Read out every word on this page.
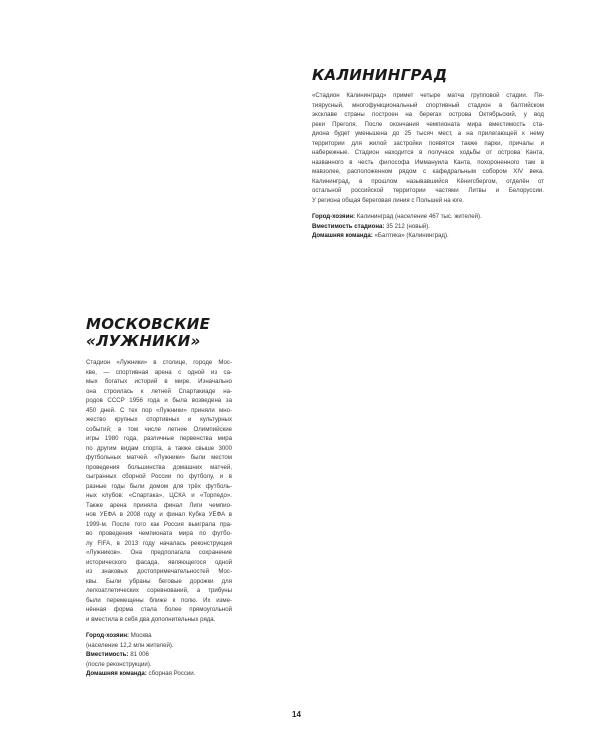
КАЛИНИНГРАД
«Стадион Калининград» примет четыре матча групповой стадии. Пя-
тиярусный, многофункциональный спортивный стадион в балтийском
эксклаве страны построен на берегах острова Октябрьский, у вод
реки Преголя. После окончания чемпионата мира вместимость ста-
диона будет уменьшена до 25 тысяч мест, а на прилегающей к нему
территории для жилой застройки появятся также парки, причалы и
набережные. Стадион находится в получасе ходьбы от острова Канта,
названного в честь философа Иммануила Канта, похороненного там в
мавзолее, расположенном рядом с кафедральным собором XIV века.
Калининград, в прошлом называвшийся Кёнигсбергом, отделён от
остальной российской территории частями Литвы и Белоруссии.
У региона общая береговая линия с Польшей на юге.
Город-хозяин: Калининград (население 467 тыс. жителей).
Вместимость стадиона: 35 212 (новый).
Домашняя команда: «Балтика» (Калининград).
МОСКОВСКИЕ
«ЛУЖНИКИ»
Стадион «Лужники» в столице, городе Мос-
кве, — спортивная арена с одной из са-
мых богатых историй в мире. Изначально
она строилась к летней Спартакиаде на-
родов СССР 1956 года и была возведена за
450 дней. С тех пор «Лужники» приняли мно-
жество крупных спортивных и культурных
событий; в том числе летние Олимпийские
игры 1980 года, различные первенства мира
по другим видам спорта, а также свыше 3000
футбольных матчей. «Лужники» были местом
проведения большинства домашних матчей,
сыгранных сборной России по футболу, и в
разные годы были домом для трёх футболь-
ных клубов: «Спартака», ЦСКА и «Торпедо».
Также арена приняла финал Лиги чемпио-
нов УЕФА в 2008 году и финал Кубка УЕФА в
1999-м. После того как Россия выиграла пра-
во проведения чемпионата мира по футбо-
лу FIFA, в 2013 году началась реконструкция
«Лужников». Она предполагала сохранение
исторического фасада, являющегося одной
из знаковых достопримечательностей Мос-
квы. Были убраны беговые дорожки для
легкоатлетических соревнований, а трибуны
были перемещены ближе к полю. Их изме-
нённая форма стала более прямоугольной
и вместила в себя два дополнительных ряда.
Город-хозяин: Москва
(население 12,2 млн жителей).
Вместимость: 81 006
(после реконструкции).
Домашняя команда: сборная России.
14
